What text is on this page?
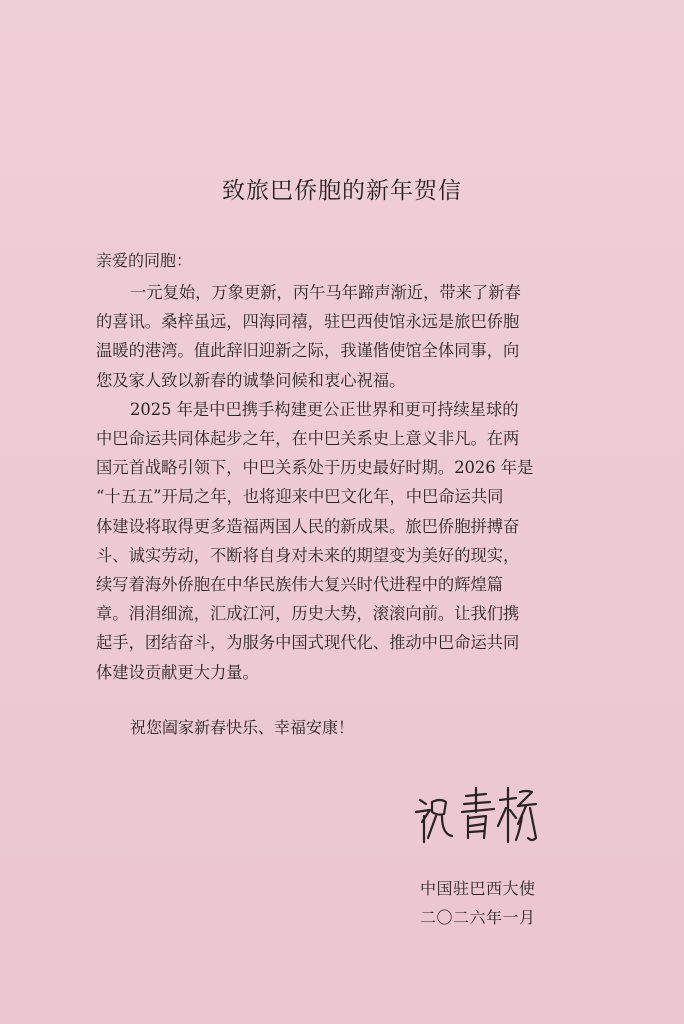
致旅巴侨胞的新年贺信

亲爱的同胞：

一元复始，万象更新，丙午马年蹄声渐近，带来了新春
的喜讯。桑梓虽远，四海同禧，驻巴西使馆永远是旅巴侨胞
温暖的港湾。值此辞旧迎新之际，我谨偕使馆全体同事，向
您及家人致以新春的诚挚问候和衷心祝福。

2025 年是中巴携手构建更公正世界和更可持续星球的
中巴命运共同体起步之年，在中巴关系史上意义非凡。在两
国元首战略引领下，中巴关系处于历史最好时期。2026 年是
“十五五”开局之年，也将迎来中巴文化年，中巴命运共同
体建设将取得更多造福两国人民的新成果。旅巴侨胞拼搏奋
斗、诚实劳动，不断将自身对未来的期望变为美好的现实，
续写着海外侨胞在中华民族伟大复兴时代进程中的辉煌篇
章。涓涓细流，汇成江河，历史大势，滚滚向前。让我们携
起手，团结奋斗，为服务中国式现代化、推动中巴命运共同
体建设贡献更大力量。

祝您阖家新春快乐、幸福安康！

中国驻巴西大使

二〇二六年一月
